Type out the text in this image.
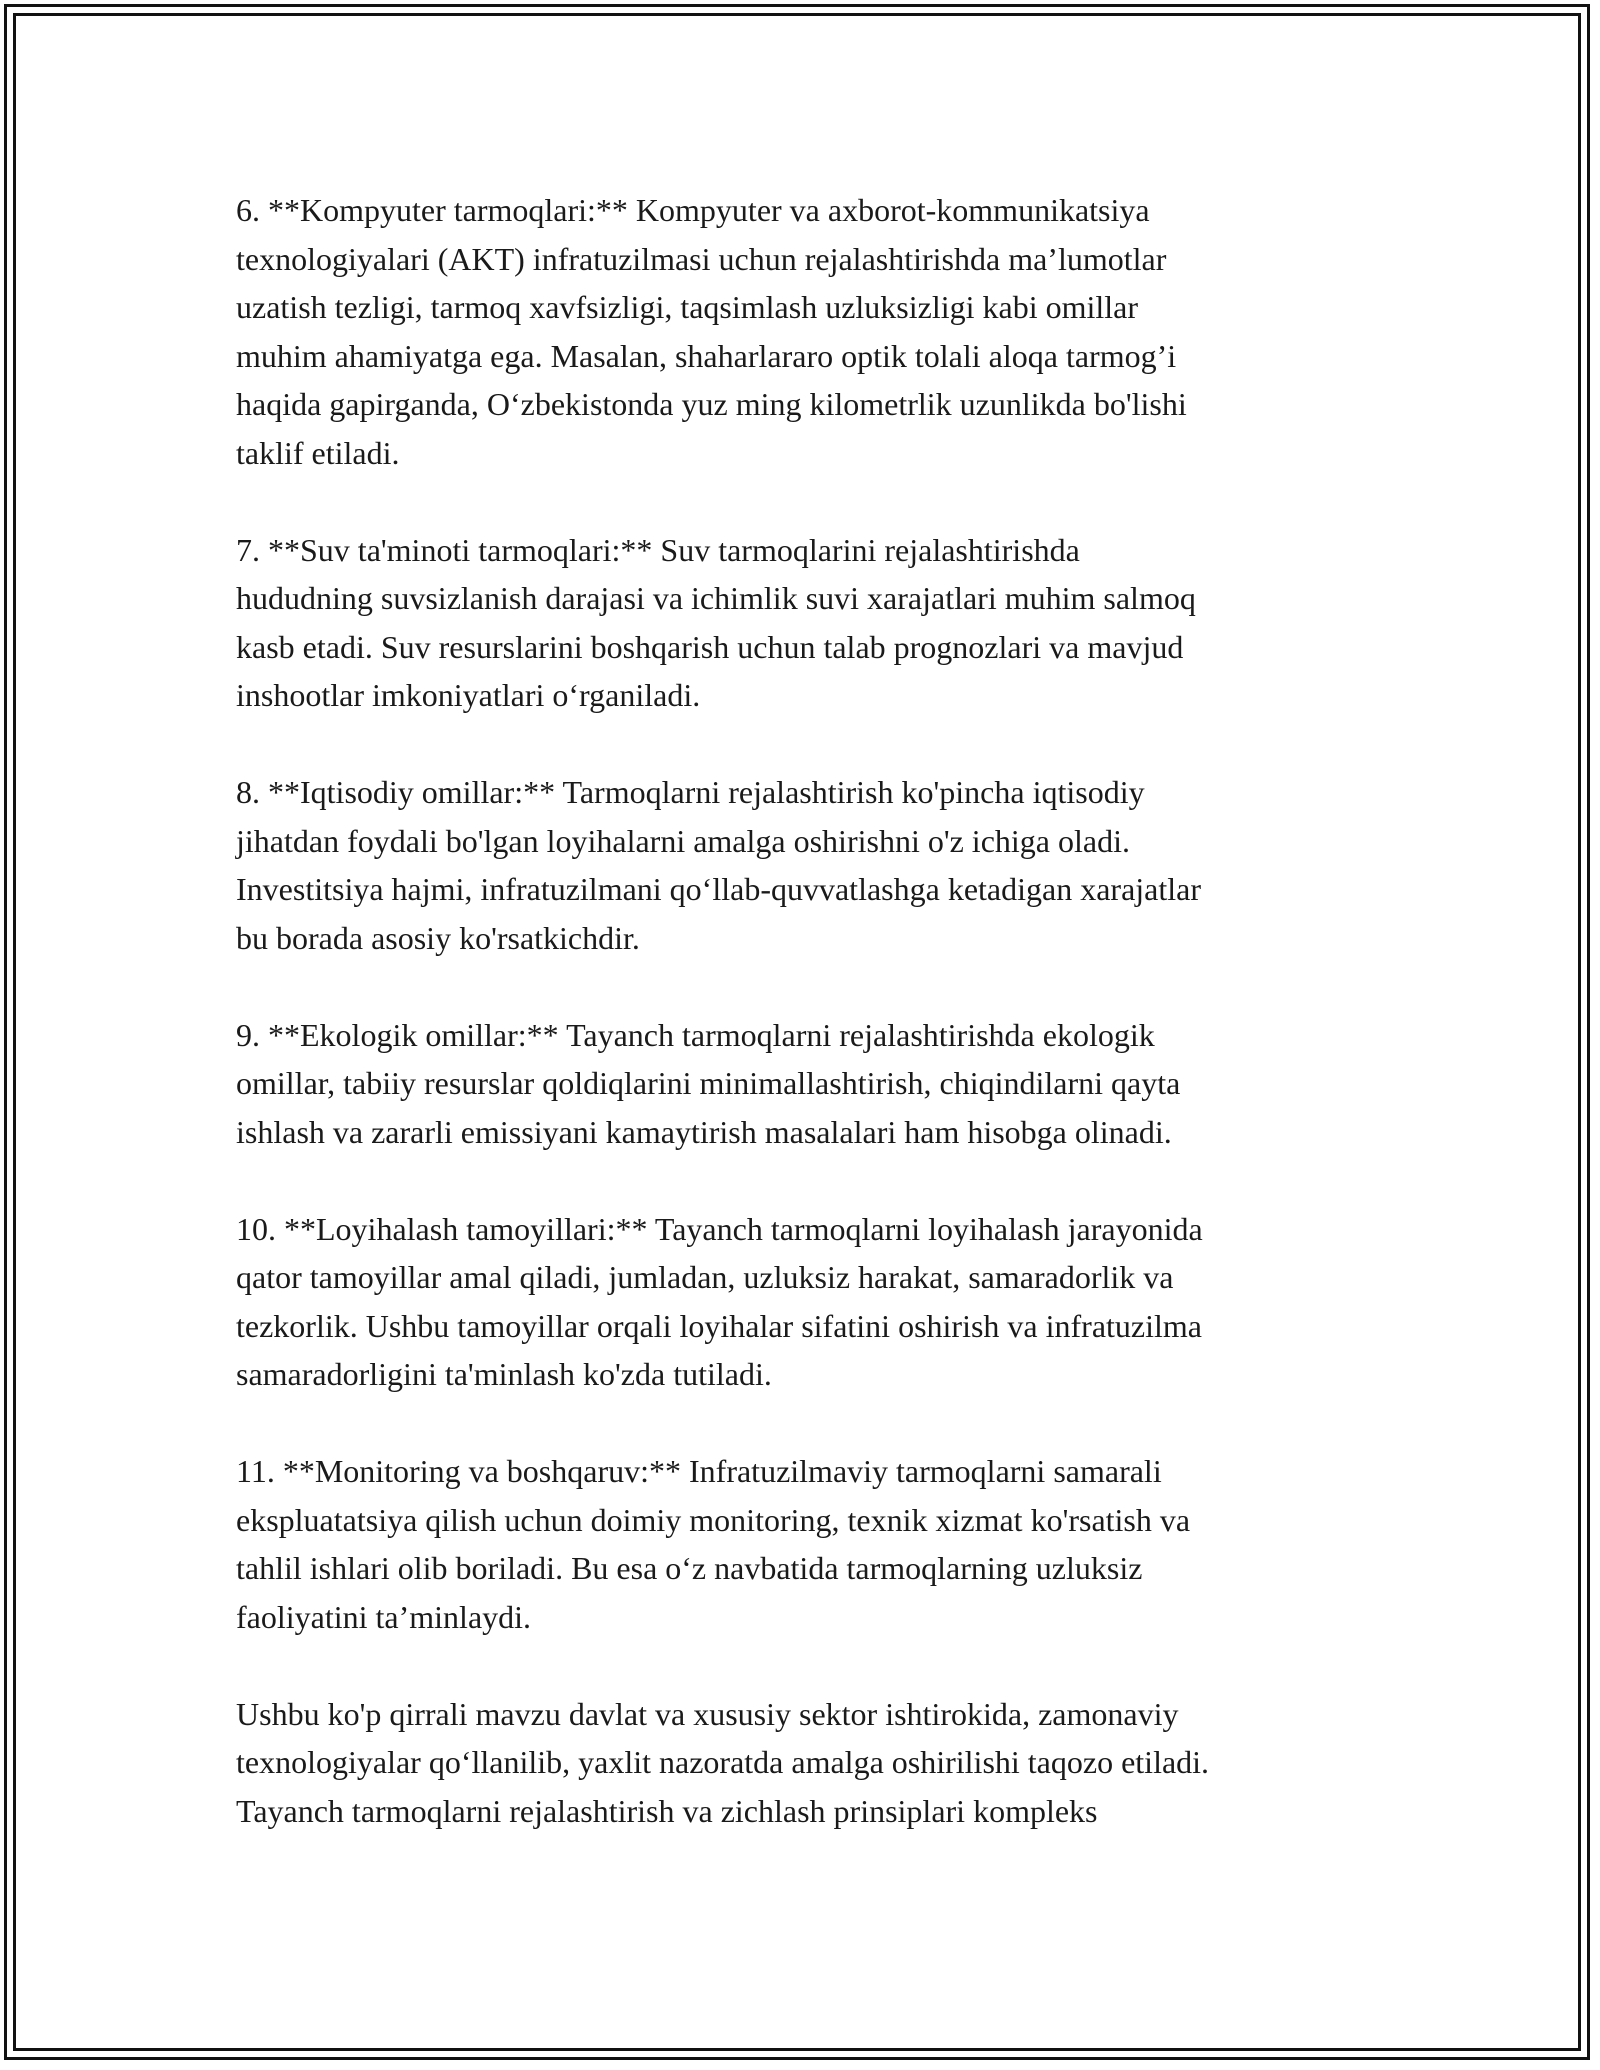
6. **Kompyuter tarmoqlari:** Kompyuter va axborot-kommunikatsiya
texnologiyalari (AKT) infratuzilmasi uchun rejalashtirishda ma’lumotlar
uzatish tezligi, tarmoq xavfsizligi, taqsimlash uzluksizligi kabi omillar
muhim ahamiyatga ega. Masalan, shaharlararo optik tolali aloqa tarmog’i
haqida gapirganda, O‘zbekistonda yuz ming kilometrlik uzunlikda bo'lishi
taklif etiladi.

7. **Suv ta'minoti tarmoqlari:** Suv tarmoqlarini rejalashtirishda
hududning suvsizlanish darajasi va ichimlik suvi xarajatlari muhim salmoq
kasb etadi. Suv resurslarini boshqarish uchun talab prognozlari va mavjud
inshootlar imkoniyatlari o‘rganiladi.

8. **Iqtisodiy omillar:** Tarmoqlarni rejalashtirish ko'pincha iqtisodiy
jihatdan foydali bo'lgan loyihalarni amalga oshirishni o'z ichiga oladi.
Investitsiya hajmi, infratuzilmani qo‘llab-quvvatlashga ketadigan xarajatlar
bu borada asosiy ko'rsatkichdir.

9. **Ekologik omillar:** Tayanch tarmoqlarni rejalashtirishda ekologik
omillar, tabiiy resurslar qoldiqlarini minimallashtirish, chiqindilarni qayta
ishlash va zararli emissiyani kamaytirish masalalari ham hisobga olinadi.

10. **Loyihalash tamoyillari:** Tayanch tarmoqlarni loyihalash jarayonida
qator tamoyillar amal qiladi, jumladan, uzluksiz harakat, samaradorlik va
tezkorlik. Ushbu tamoyillar orqali loyihalar sifatini oshirish va infratuzilma
samaradorligini ta'minlash ko'zda tutiladi.

11. **Monitoring va boshqaruv:** Infratuzilmaviy tarmoqlarni samarali
ekspluatatsiya qilish uchun doimiy monitoring, texnik xizmat ko'rsatish va
tahlil ishlari olib boriladi. Bu esa o‘z navbatida tarmoqlarning uzluksiz
faoliyatini ta’minlaydi.

Ushbu ko'p qirrali mavzu davlat va xususiy sektor ishtirokida, zamonaviy
texnologiyalar qo‘llanilib, yaxlit nazoratda amalga oshirilishi taqozo etiladi.
Tayanch tarmoqlarni rejalashtirish va zichlash prinsiplari kompleks
